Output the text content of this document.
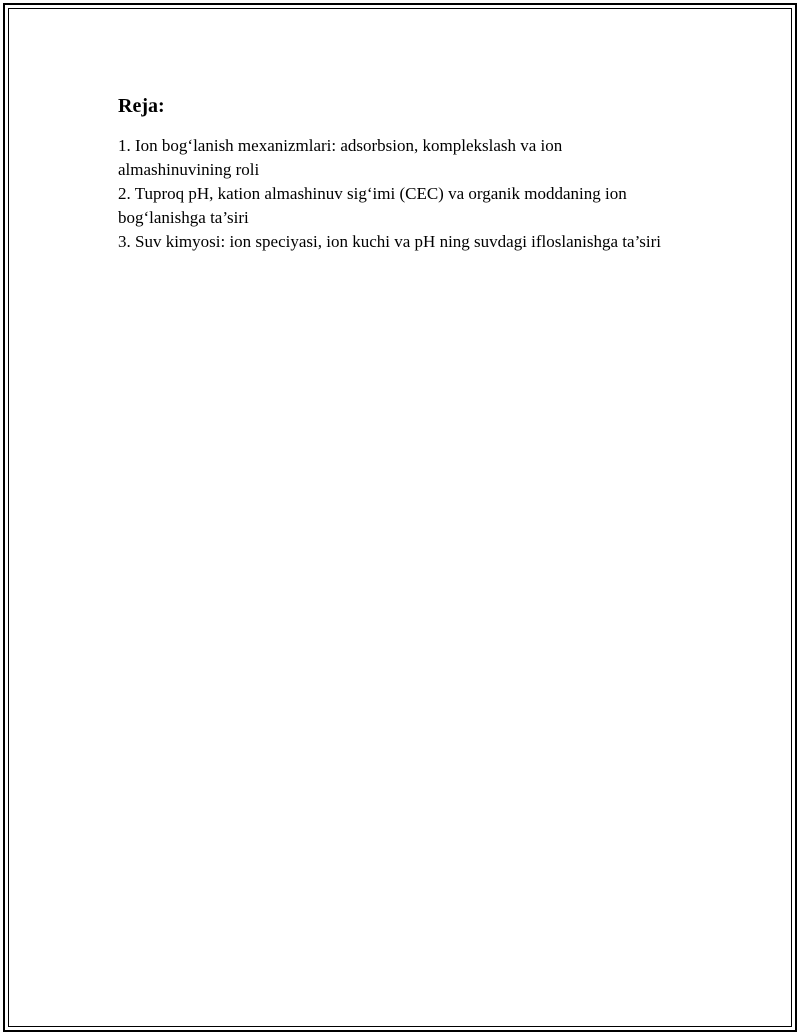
Reja:
1. Ion bog‘lanish mexanizmlari: adsorbsion, komplekslash va ion almashinuvining roli
2. Tuproq pH, kation almashinuv sig‘imi (CEC) va organik moddaning ion bog‘lanishga ta’siri
3. Suv kimyosi: ion speciyasi, ion kuchi va pH ning suvdagi ifloslanishga ta’siri
